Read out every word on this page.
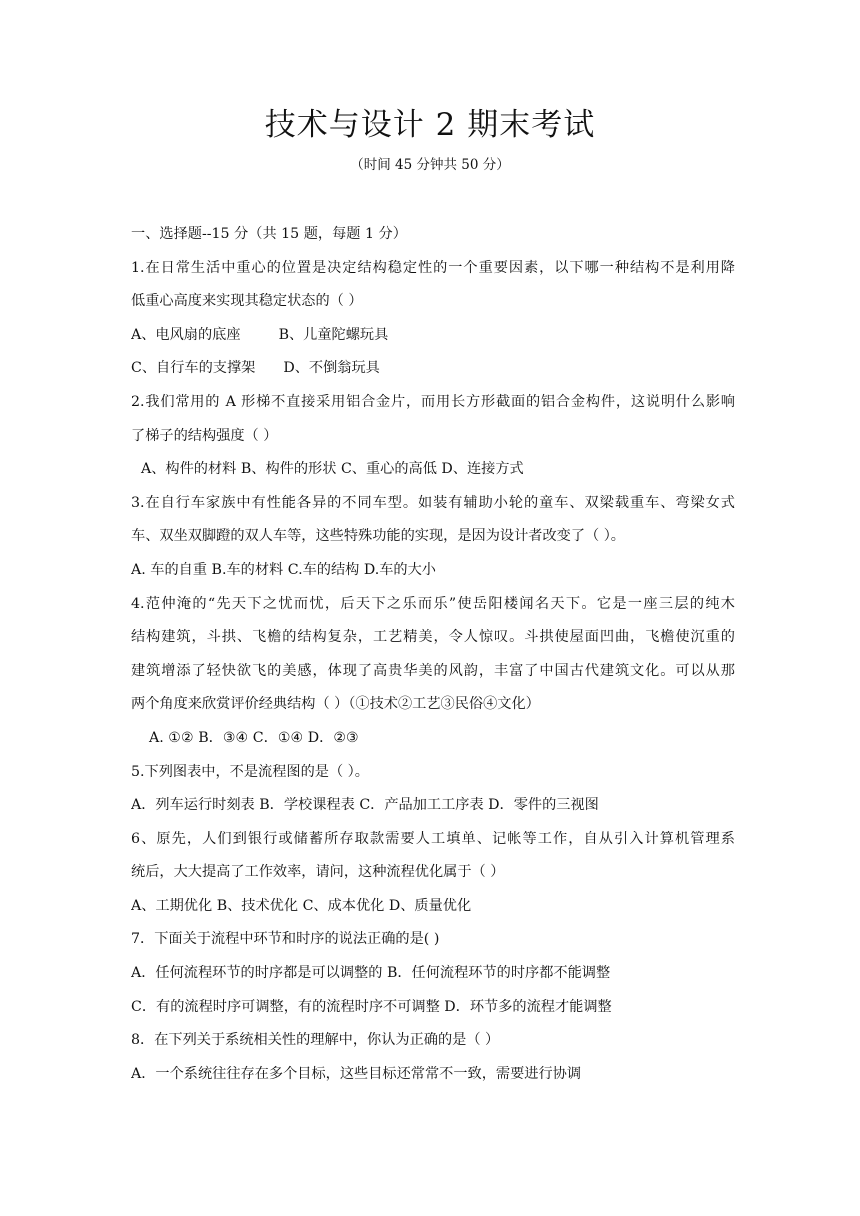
技术与设计 2 期末考试
（时间 45 分钟共 50 分）
一、选择题--15 分（共 15 题，每题 1 分）
1.在日常生活中重心的位置是决定结构稳定性的一个重要因素，以下哪一种结构不是利用降
低重心高度来实现其稳定状态的（ ）
A、电风扇的底座	B、儿童陀螺玩具
C、自行车的支撑架 D、不倒翁玩具
2.我们常用的 A 形梯不直接采用铝合金片，而用长方形截面的铝合金构件，这说明什么影响
了梯子的结构强度（ ）
A、构件的材料 B、构件的形状 C、重心的高低 D、连接方式
3.在自行车家族中有性能各异的不同车型。如装有辅助小轮的童车、双梁载重车、弯梁女式
车、双坐双脚蹬的双人车等，这些特殊功能的实现，是因为设计者改变了（ ）。
A. 车的自重 B.车的材料 C.车的结构 D.车的大小
4.范仲淹的“先天下之忧而忧，后天下之乐而乐”使岳阳楼闻名天下。它是一座三层的纯木
结构建筑，斗拱、飞檐的结构复杂，工艺精美，令人惊叹。斗拱使屋面凹曲，飞檐使沉重的
建筑增添了轻快欲飞的美感，体现了高贵华美的风韵，丰富了中国古代建筑文化。可以从那
两个角度来欣赏评价经典结构（ ）（①技术②工艺③民俗④文化）
A. ①② B．③④ C．①④ D．②③
5.下列图表中，不是流程图的是（ ）。
A．列车运行时刻表 B．学校课程表 C．产品加工工序表 D．零件的三视图
6、原先，人们到银行或储蓄所存取款需要人工填单、记帐等工作，自从引入计算机管理系
统后，大大提高了工作效率，请问，这种流程优化属于（ ）
A、工期优化 B、技术优化 C、成本优化 D、质量优化
7．下面关于流程中环节和时序的说法正确的是( )
A．任何流程环节的时序都是可以调整的 B．任何流程环节的时序都不能调整
C．有的流程时序可调整，有的流程时序不可调整 D．环节多的流程才能调整
8．在下列关于系统相关性的理解中，你认为正确的是（ ）
A．一个系统往往存在多个目标，这些目标还常常不一致，需要进行协调
